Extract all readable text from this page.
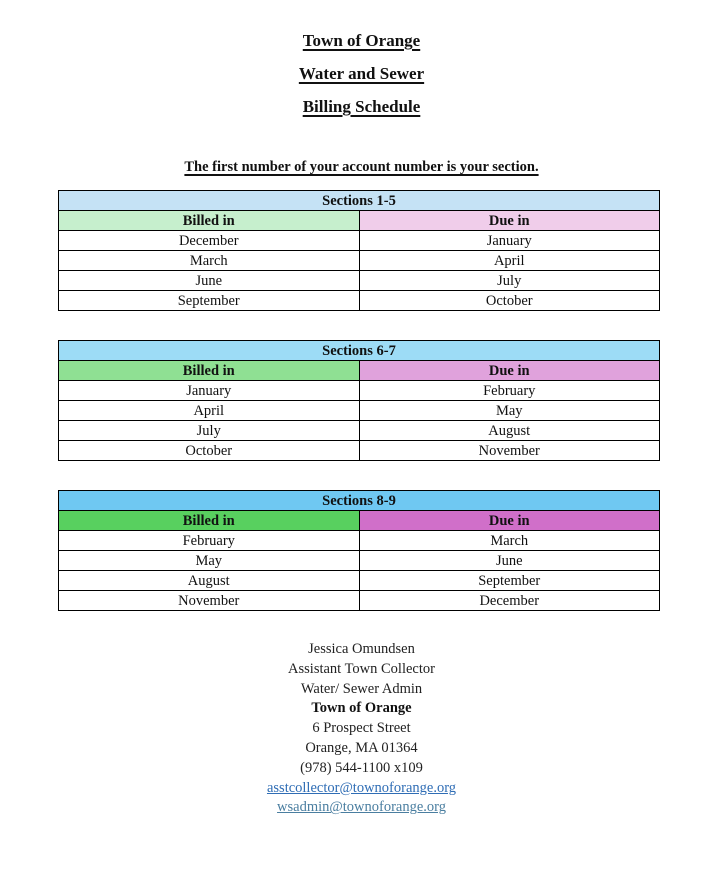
Town of Orange
Water and Sewer
Billing Schedule
The first number of your account number is your section.
Sections 1-5	
Billed in	Due in
December	January
March	April
June	July
September	October
Sections 6-7	
Billed in	Due in
January	February
April	May
July	August
October	November
Sections 8-9	
Billed in	Due in
February	March
May	June
August	September
November	December
Jessica Omundsen
Assistant Town Collector
Water/ Sewer Admin
Town of Orange
6 Prospect Street
Orange, MA 01364
(978) 544-1100 x109
asstcollector@townoforange.org
wsadmin@townoforange.org
